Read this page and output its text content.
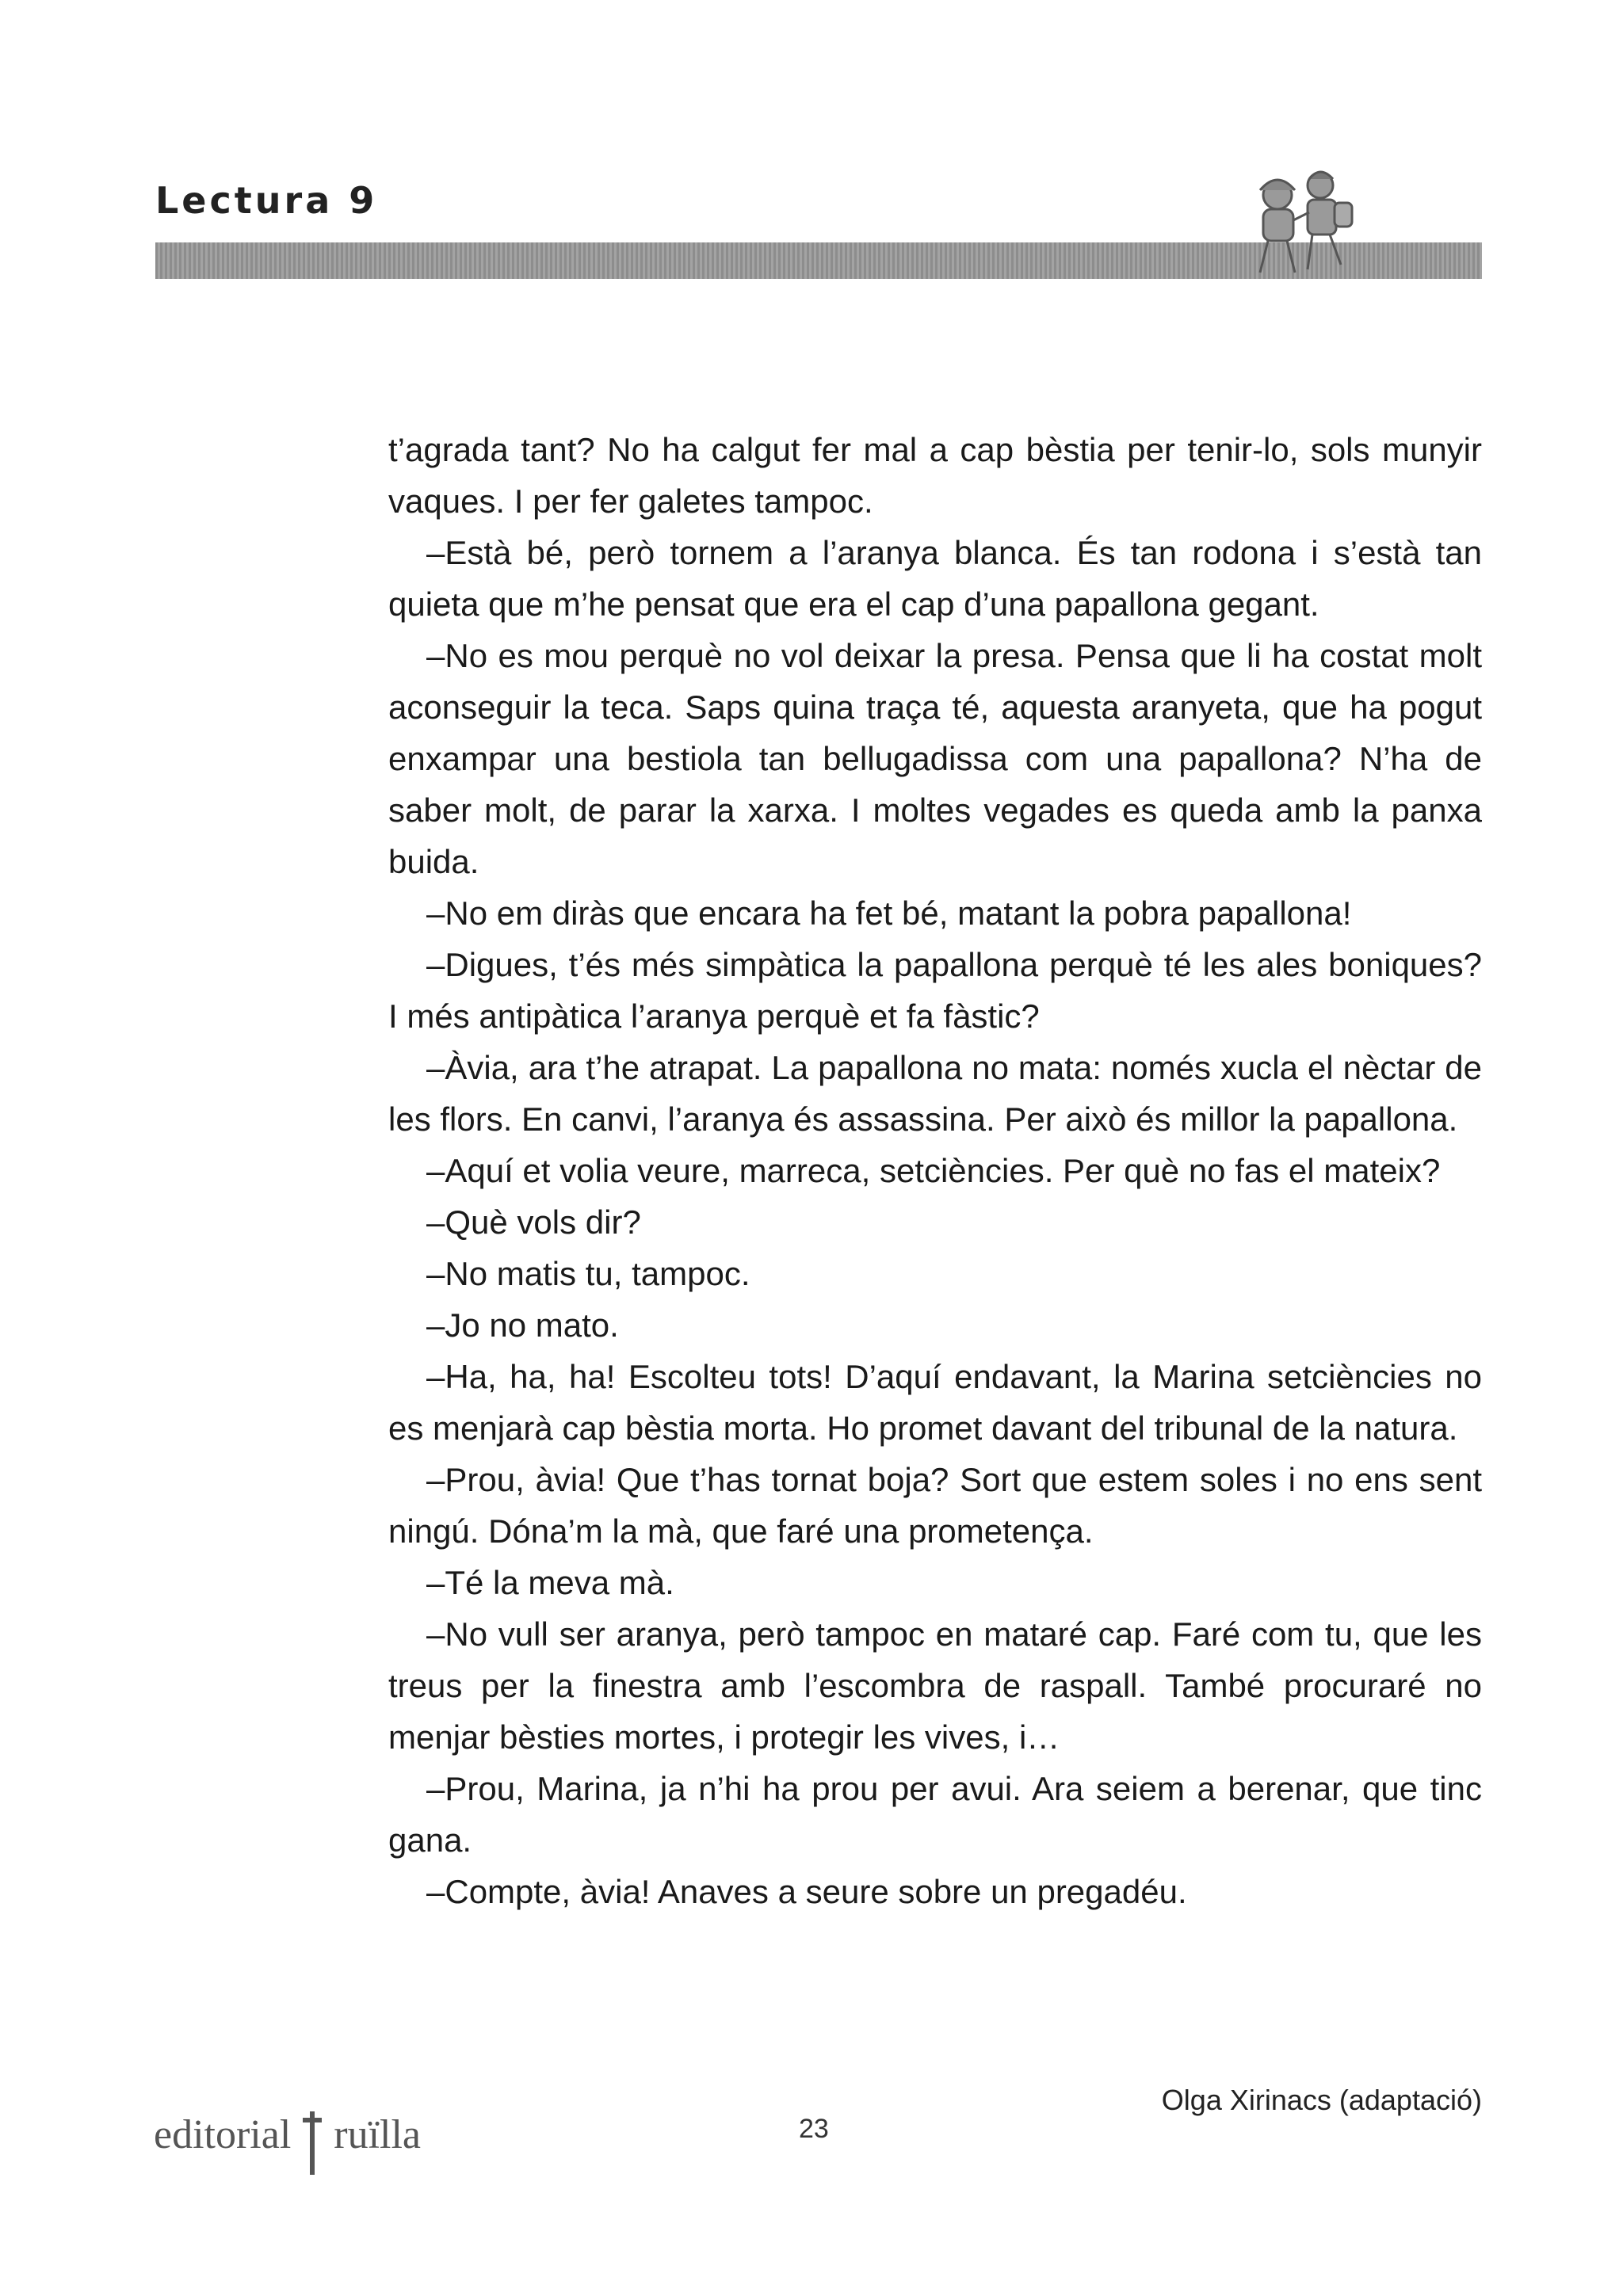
Lectura 9

t’agrada tant? No ha calgut fer mal a cap bèstia per tenir-lo, sols munyir vaques. I per fer galetes tampoc.

–Està bé, però tornem a l’aranya blanca. És tan rodona i s’està tan quieta que m’he pensat que era el cap d’una papallona gegant.

–No es mou perquè no vol deixar la presa. Pensa que li ha costat molt aconseguir la teca. Saps quina traça té, aquesta aranyeta, que ha pogut enxampar una bestiola tan bellugadissa com una papallona? N’ha de saber molt, de parar la xarxa. I moltes vegades es queda amb la panxa buida.

–No em diràs que encara ha fet bé, matant la pobra papallona!

–Digues, t’és més simpàtica la papallona perquè té les ales boniques? I més antipàtica l’aranya perquè et fa fàstic?

–Àvia, ara t’he atrapat. La papallona no mata: només xucla el nèctar de les flors. En canvi, l’aranya és assassina. Per això és millor la papallona.

–Aquí et volia veure, marreca, setciències. Per què no fas el mateix?

–Què vols dir?

–No matis tu, tampoc.

–Jo no mato.

–Ha, ha, ha! Escolteu tots! D’aquí endavant, la Marina setciències no es menjarà cap bèstia morta. Ho promet davant del tribunal de la natura.

–Prou, àvia! Que t’has tornat boja? Sort que estem soles i no ens sent ningú. Dóna’m la mà, que faré una prometença.

–Té la meva mà.

–No vull ser aranya, però tampoc en mataré cap. Faré com tu, que les treus per la finestra amb l’escombra de raspall. També procuraré no menjar bèsties mortes, i protegir les vives, i…

–Prou, Marina, ja n’hi ha prou per avui. Ara seiem a berenar, que tinc gana.

–Compte, àvia! Anaves a seure sobre un pregadéu.

Olga Xirinacs (adaptació)
editorial ruïlla	23
